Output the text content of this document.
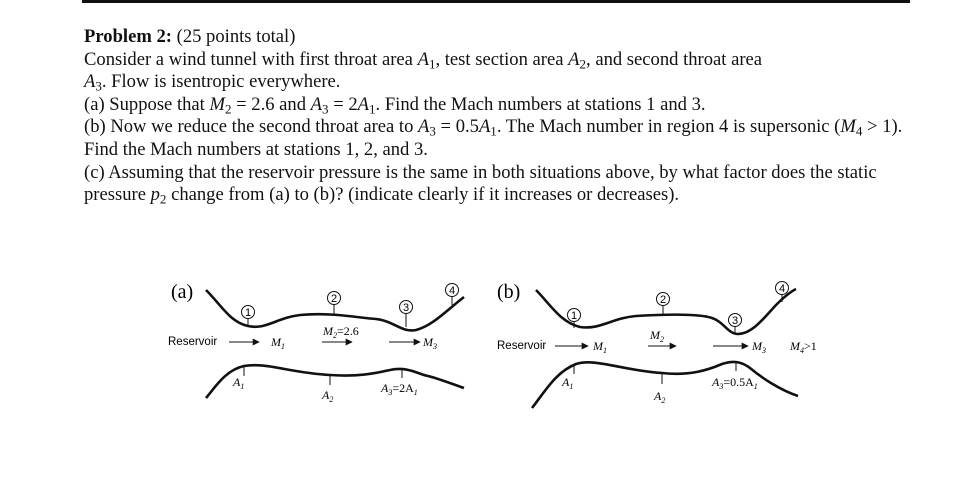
Problem 2: (25 points total)
Consider a wind tunnel with first throat area $A_1$, test section area $A_2$, and second throat area
$A_3$. Flow is isentropic everywhere.
(a) Suppose that $M_2 = 2.6$ and $A_3 = 2A_1$. Find the Mach numbers at stations 1 and 3.
(b) Now we reduce the second throat area to $A_3 = 0.5A_1$. The Mach number in region 4 is supersonic $(M_4 > 1)$. Find the Mach numbers at stations 1, 2, and 3.
(c) Assuming that the reservoir pressure is the same in both situations above, by what factor does the static pressure $p_2$ change from (a) to (b)? (indicate clearly if it increases or decreases).
(a)
1
2
3
4
Reservoir	$M_1$
$M_2=2.6$
$M_3$
$A_1$
$A_2$
$A_3=2A_1$
(b)
1
2
3
4
Reservoir	$M_1$
$M_2$	$M_3$ $M_4>1$
$A_1$
$A_2$
$A_3=0.5A_1$
